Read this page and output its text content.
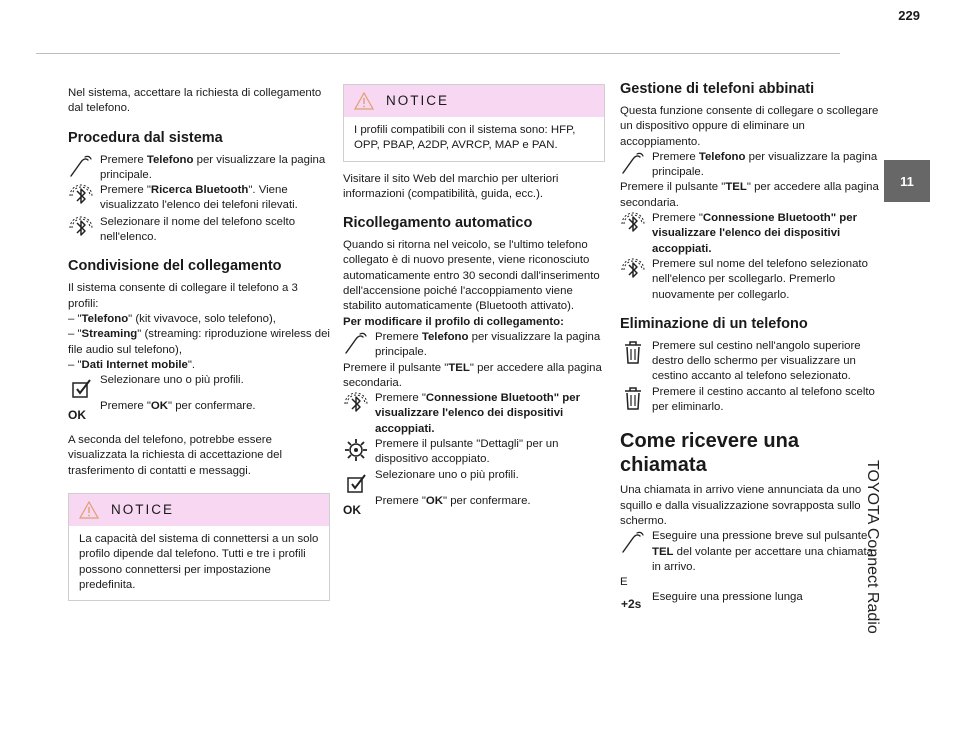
229
11
TOYOTA Connect Radio

Nel sistema, accettare la richiesta di collegamento dal telefono.

Procedura dal sistema
Premere Telefono per visualizzare la pagina principale.
Premere "Ricerca Bluetooth". Viene visualizzato l'elenco dei telefoni rilevati.
Selezionare il nome del telefono scelto nell'elenco.
Condivisione del collegamento

Il sistema consente di collegare il telefono a 3 profili:

– "Telefono" (kit vivavoce, solo telefono),

– "Streaming" (streaming: riproduzione wireless dei file audio sul telefono),

– "Dati Internet mobile".

Selezionare uno o più profili.
OK
Premere "OK" per confermare.

A seconda del telefono, potrebbe essere visualizzata la richiesta di accettazione del trasferimento di contatti e messaggi.

NOTICE
La capacità del sistema di connettersi a un solo profilo dipende dal telefono. Tutti e tre i profili possono connettersi per impostazione predefinita.
NOTICE
I profili compatibili con il sistema sono: HFP, OPP, PBAP, A2DP, AVRCP, MAP e PAN.

Visitare il sito Web del marchio per ulteriori informazioni (compatibilità, guida, ecc.).

Ricollegamento automatico

Quando si ritorna nel veicolo, se l'ultimo telefono collegato è di nuovo presente, viene riconosciuto automaticamente entro 30 secondi dall'inserimento dell'accensione poiché l'accoppiamento viene stabilito automaticamente (Bluetooth attivato).

Per modificare il profilo di collegamento:

Premere Telefono per visualizzare la pagina principale.

Premere il pulsante "TEL" per accedere alla pagina secondaria.

Premere "Connessione Bluetooth" per visualizzare l'elenco dei dispositivi accoppiati.
Premere il pulsante "Dettagli" per un dispositivo accoppiato.
Selezionare uno o più profili.
OK
Premere "OK" per confermare.
Gestione di telefoni abbinati

Questa funzione consente di collegare o scollegare un dispositivo oppure di eliminare un accoppiamento.

Premere Telefono per visualizzare la pagina principale.

Premere il pulsante "TEL" per accedere alla pagina secondaria.

Premere "Connessione Bluetooth" per visualizzare l'elenco dei dispositivi accoppiati.
Premere sul nome del telefono selezionato nell'elenco per scollegarlo. Premerlo nuovamente per collegarlo.
Eliminazione di un telefono
Premere sul cestino nell'angolo superiore destro dello schermo per visualizzare un cestino accanto al telefono selezionato.
Premere il cestino accanto al telefono scelto per eliminarlo.
Come ricevere una chiamata

Una chiamata in arrivo viene annunciata da uno squillo e dalla visualizzazione sovrapposta sullo schermo.

Eseguire una pressione breve sul pulsante TEL del volante per accettare una chiamata in arrivo.

E

+2s Eseguire una pressione lunga
